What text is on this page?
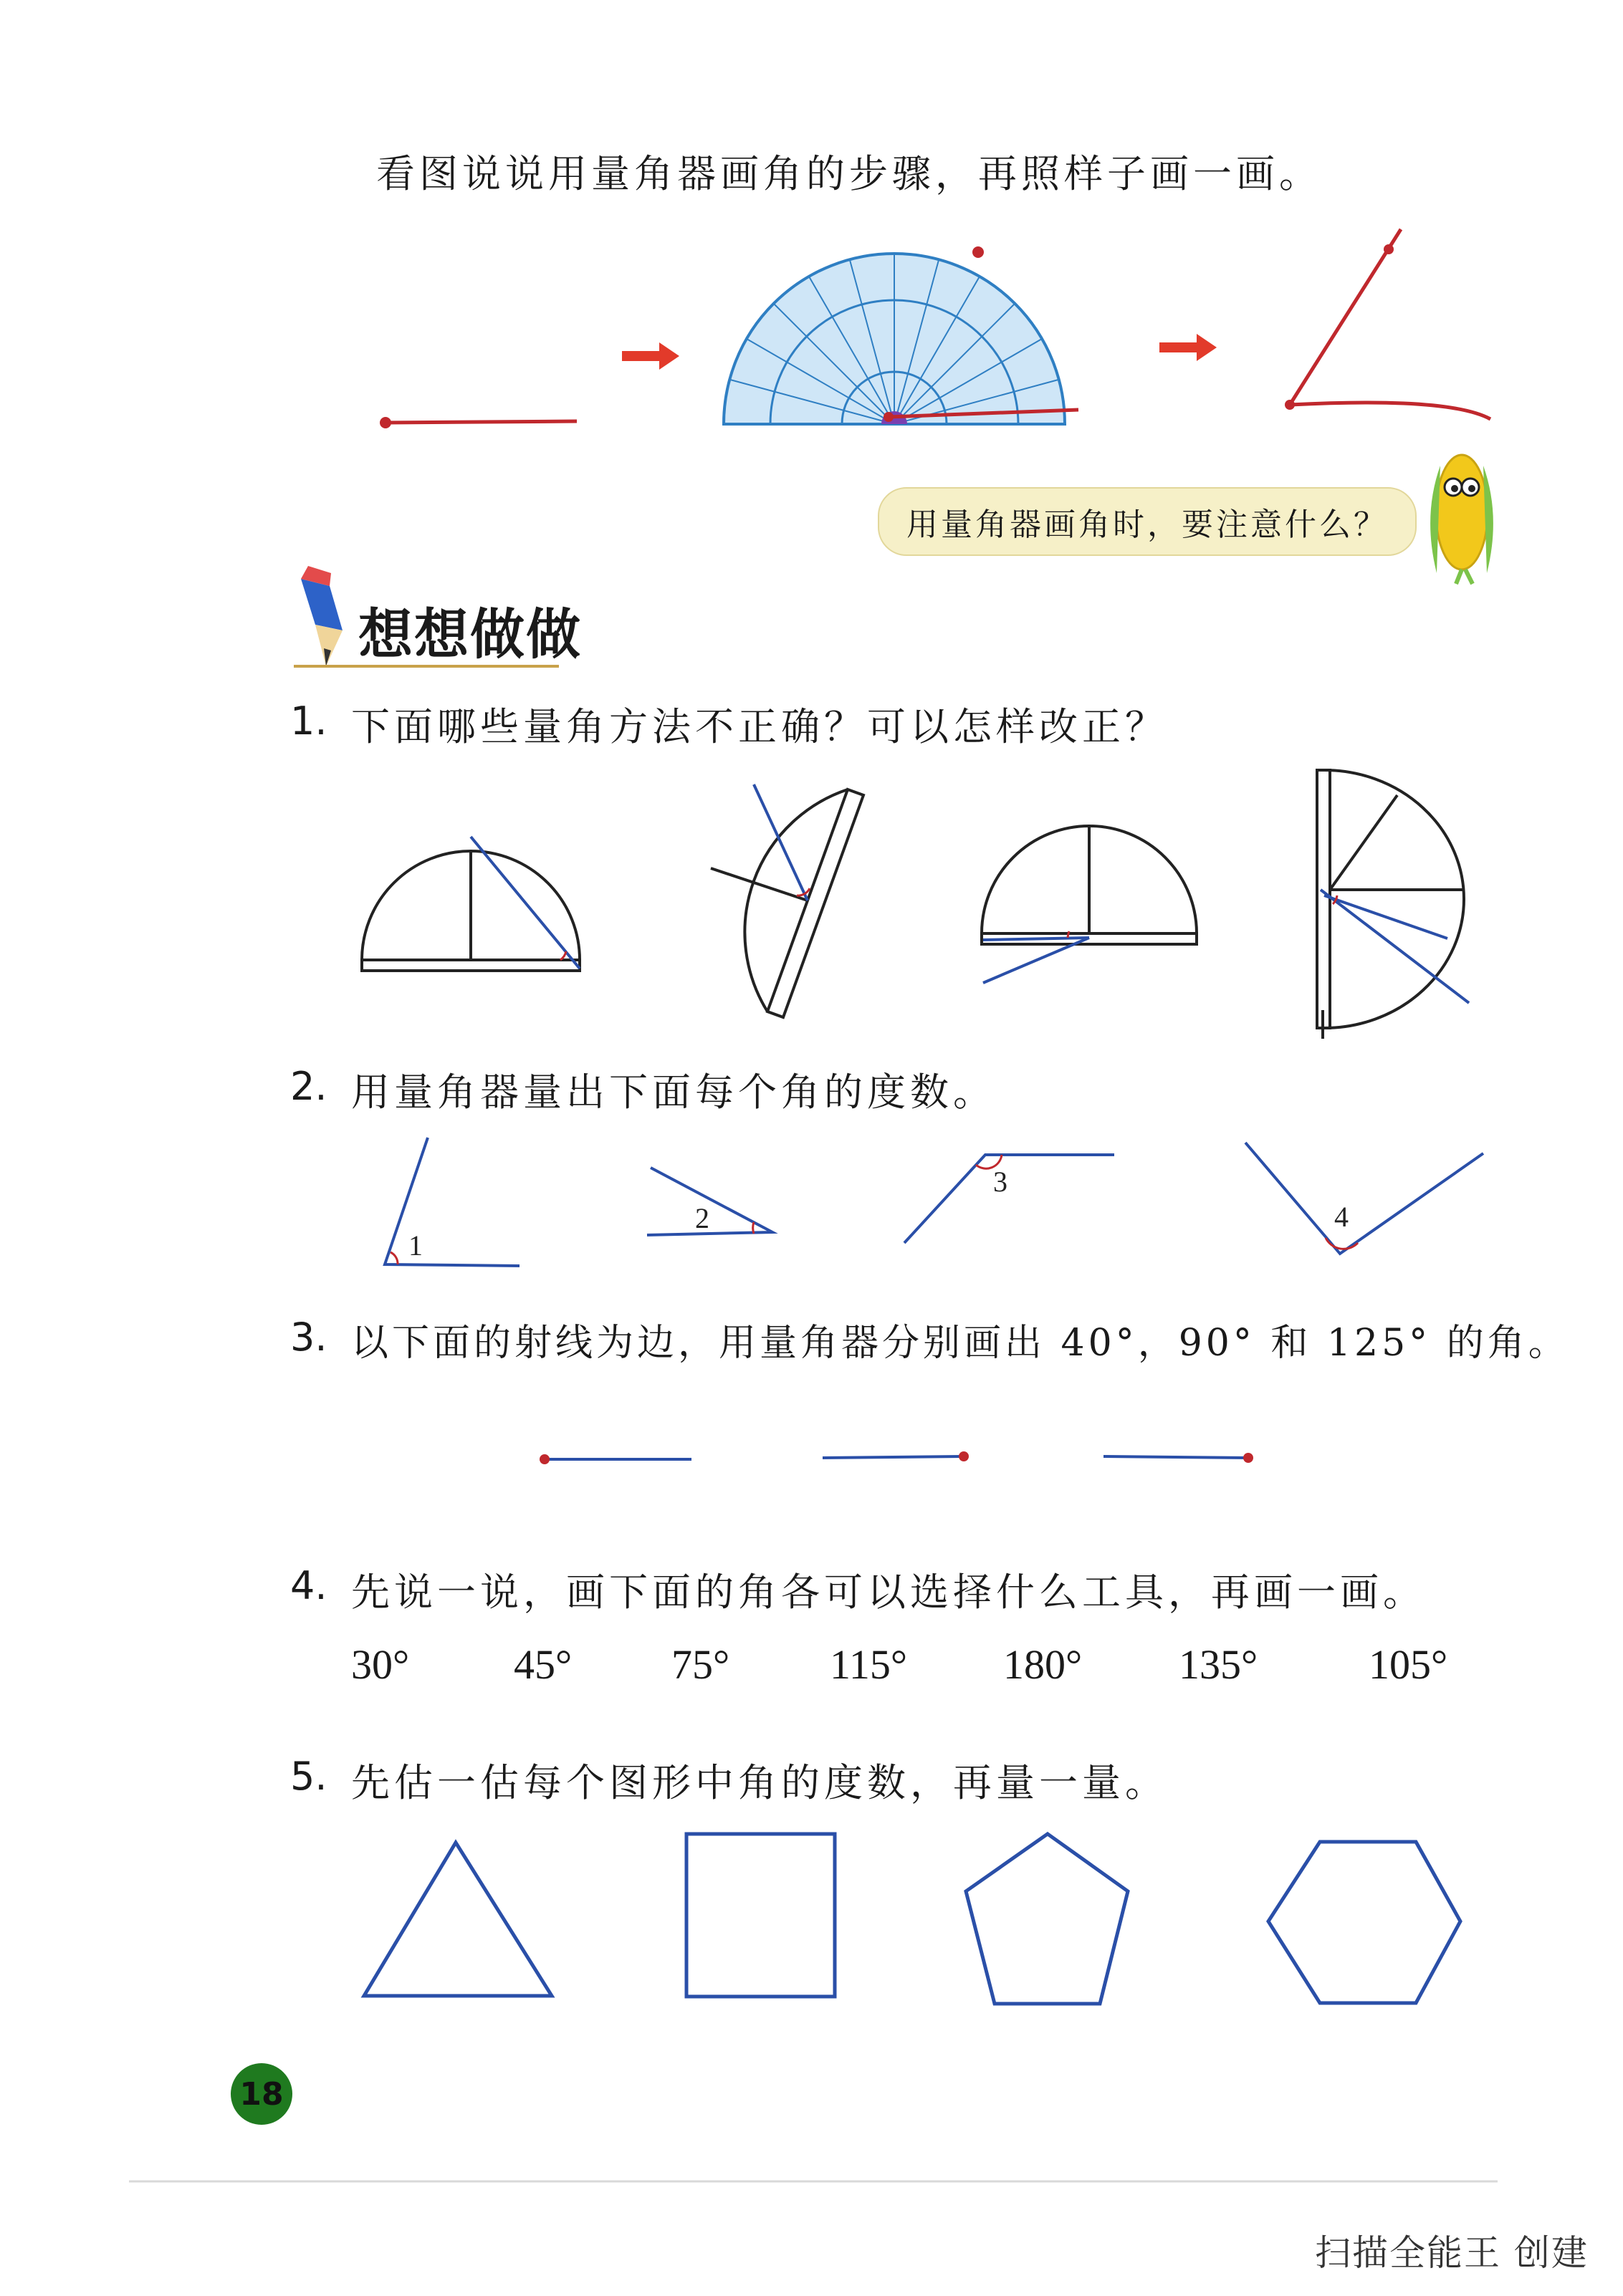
看图说说用量角器画角的步骤，再照样子画一画。
1
2
3
4
用量角器画角时，要注意什么？
想想做做
1. 下面哪些量角方法不正确？可以怎样改正？
2. 用量角器量出下面每个角的度数。
3. 以下面的射线为边，用量角器分别画出 40°，90° 和 125° 的角。
4. 先说一说，画下面的角各可以选择什么工具，再画一画。
30°	45° 75° 115° 180° 135°	105°
5. 先估一估每个图形中角的度数，再量一量。
18
扫描全能王 创建
